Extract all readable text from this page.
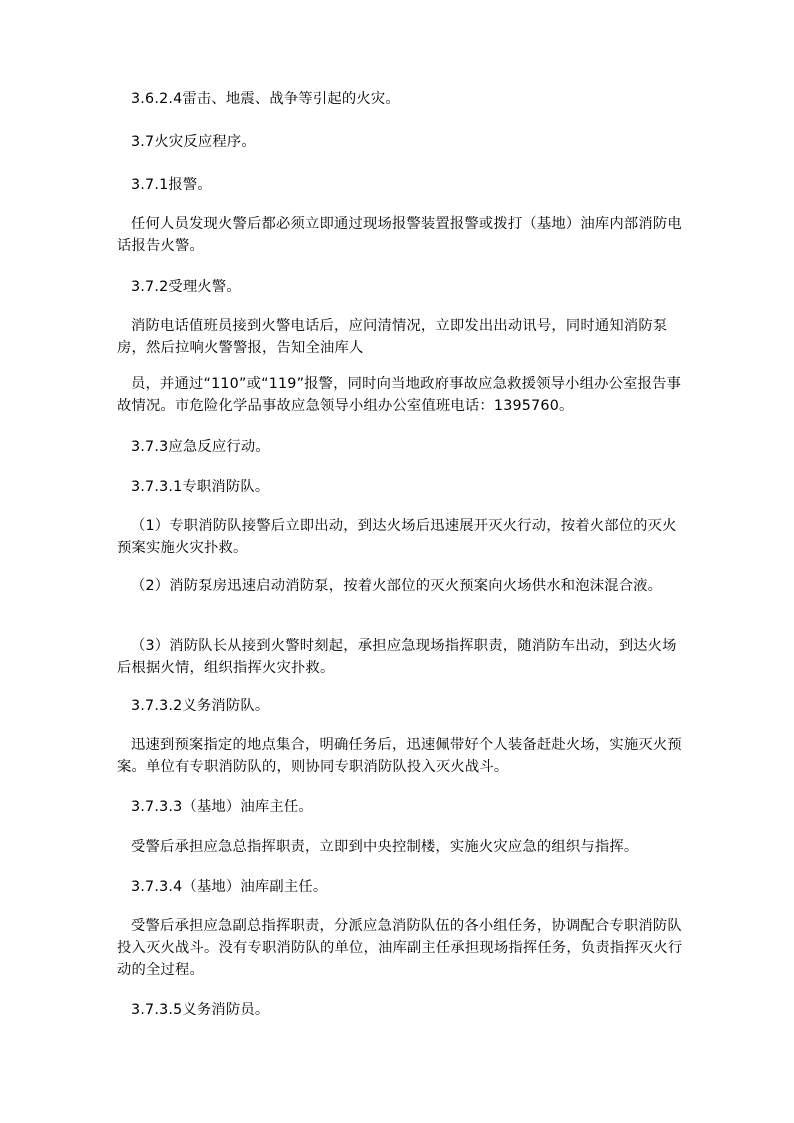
3.6.2.4雷击、地震、战争等引起的火灾。

3.7火灾反应程序。

3.7.1报警。

任何人员发现火警后都必须立即通过现场报警装置报警或拨打（基地）油库内部消防电话报告火警。

3.7.2受理火警。

消防电话值班员接到火警电话后，应问清情况，立即发出出动讯号，同时通知消防泵房，然后拉响火警警报，告知全油库人

员，并通过“110”或“119”报警，同时向当地政府事故应急救援领导小组办公室报告事故情况。市危险化学品事故应急领导小组办公室值班电话：1395760。

3.7.3应急反应行动。

3.7.3.1专职消防队。

（1）专职消防队接警后立即出动，到达火场后迅速展开灭火行动，按着火部位的灭火预案实施火灾扑救。

（2）消防泵房迅速启动消防泵，按着火部位的灭火预案向火场供水和泡沫混合液。

（3）消防队长从接到火警时刻起，承担应急现场指挥职责，随消防车出动，到达火场后根据火情，组织指挥火灾扑救。

3.7.3.2义务消防队。

迅速到预案指定的地点集合，明确任务后，迅速佩带好个人装备赶赴火场，实施灭火预案。单位有专职消防队的，则协同专职消防队投入灭火战斗。

3.7.3.3（基地）油库主任。

受警后承担应急总指挥职责，立即到中央控制楼，实施火灾应急的组织与指挥。

3.7.3.4（基地）油库副主任。

受警后承担应急副总指挥职责，分派应急消防队伍的各小组任务，协调配合专职消防队投入灭火战斗。没有专职消防队的单位，油库副主任承担现场指挥任务，负责指挥灭火行动的全过程。

3.7.3.5义务消防员。
